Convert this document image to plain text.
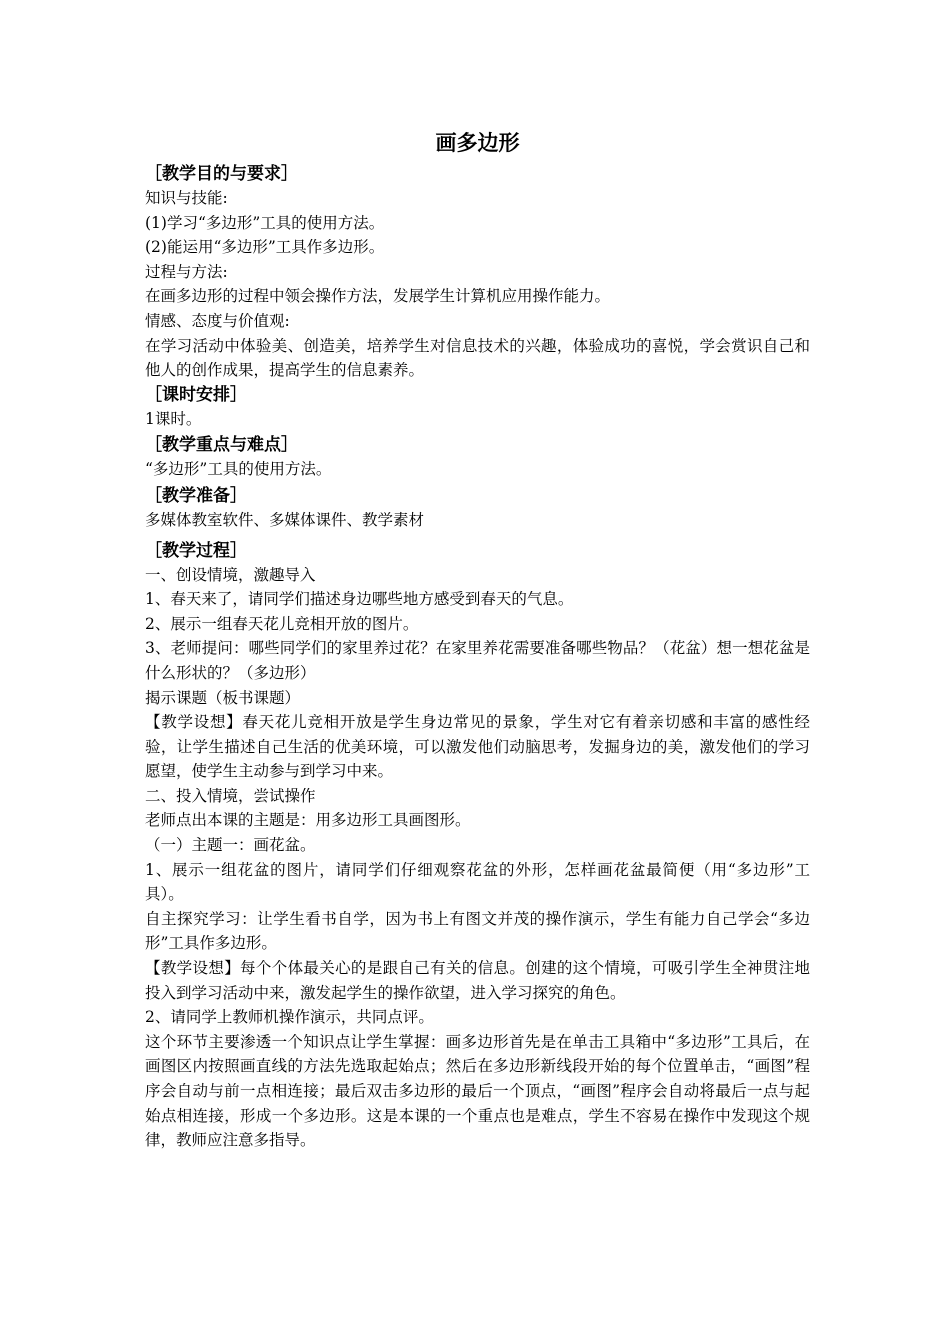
画多边形
［教学目的与要求］
知识与技能:
(1)学习“多边形”工具的使用方法。
(2)能运用“多边形”工具作多边形。
过程与方法:
在画多边形的过程中领会操作方法，发展学生计算机应用操作能力。
情感、态度与价值观:
在学习活动中体验美、创造美，培养学生对信息技术的兴趣，体验成功的喜悦，学会赏识自己和他人的创作成果，提高学生的信息素养。
［课时安排］
1课时。
［教学重点与难点］
“多边形”工具的使用方法。
［教学准备］
多媒体教室软件、多媒体课件、教学素材
［教学过程］
一、创设情境，激趣导入
1、春天来了，请同学们描述身边哪些地方感受到春天的气息。
2、展示一组春天花儿竞相开放的图片。
3、老师提问：哪些同学们的家里养过花？在家里养花需要准备哪些物品？（花盆）想一想花盆是什么形状的？（多边形）
揭示课题（板书课题）
【教学设想】春天花儿竞相开放是学生身边常见的景象，学生对它有着亲切感和丰富的感性经验，让学生描述自己生活的优美环境，可以激发他们动脑思考，发掘身边的美，激发他们的学习愿望，使学生主动参与到学习中来。
二、投入情境，尝试操作
老师点出本课的主题是：用多边形工具画图形。
（一）主题一：画花盆。
1、展示一组花盆的图片，请同学们仔细观察花盆的外形，怎样画花盆最简便（用“多边形”工具）。
自主探究学习：让学生看书自学，因为书上有图文并茂的操作演示，学生有能力自己学会“多边形”工具作多边形。
【教学设想】每个个体最关心的是跟自己有关的信息。创建的这个情境，可吸引学生全神贯注地投入到学习活动中来，激发起学生的操作欲望，进入学习探究的角色。
2、请同学上教师机操作演示，共同点评。
这个环节主要渗透一个知识点让学生掌握：画多边形首先是在单击工具箱中“多边形”工具后，在画图区内按照画直线的方法先选取起始点；然后在多边形新线段开始的每个位置单击，“画图”程序会自动与前一点相连接；最后双击多边形的最后一个顶点，“画图”程序会自动将最后一点与起始点相连接，形成一个多边形。这是本课的一个重点也是难点，学生不容易在操作中发现这个规律，教师应注意多指导。
